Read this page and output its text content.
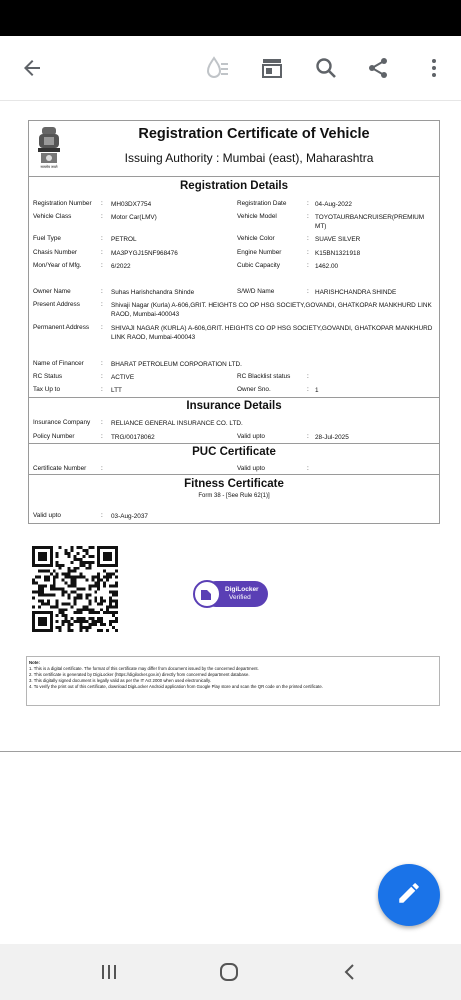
सत्यमेव जयते
Registration Certificate of Vehicle
Issuing Authority : Mumbai (east), Maharashtra
Registration Details
Registration Number : MH03DX7754	Registration Date	: 04-Aug-2022
Vehicle Class	: Motor Car(LMV)	Vehicle Model	: TOYOTAURBANCRUISER(PREMIUM MT)
Fuel Type	: PETROL	Vehicle Color	: SUAVE SILVER
Chasis Number	: MA3PYGJ15NF968476	Engine Number	: K15BN1321918
Mon/Year of Mfg.	: 6/2022	Cubic Capacity	: 1462.00
Owner Name	: Suhas Harishchandra Shinde	S/W/D Name	: HARISHCHANDRA SHINDE
Present Address	: Shivaji Nagar (Kurla) A-606,GRIT. HEIGHTS CO OP HSG SOCIETY,GOVANDI, GHATKOPAR MANKHURD LINK RAOD, Mumbai-400043
Permanent Address : SHIVAJI NAGAR (KURLA) A-606,GRIT. HEIGHTS CO OP HSG SOCIETY,GOVANDI, GHATKOPAR MANKHURD LINK RAOD, Mumbai-400043
Name of Financer	: BHARAT PETROLEUM CORPORATION LTD.
RC Status	: ACTIVE	RC Blacklist status	:
Tax Up to	: LTT	Owner Sno.	: 1
Insurance Details
Insurance Company : RELIANCE GENERAL INSURANCE CO. LTD.
Policy Number	: TRG/00178062	Valid upto	: 28-Jul-2025
PUC Certificate
Certificate Number :	Valid upto	:
Fitness Certificate
Form 38 - [See Rule 62(1)]
Valid upto	: 03-Aug-2037
DigiLocker
Verified
Note:
1. This is a digital certificate. The format of this certificate may differ from document issued by the concerned department.
2. This certificate is generated by DigiLocker (https://digilocker.gov.in) directly from concerned department database.
3. This digitally signed document is legally valid as per the IT Act 2000 when used electronically.
4. To verify the print out of this certificate, download DigiLocker Android application from Google Play store and scan the QR code on the printed certificate.
